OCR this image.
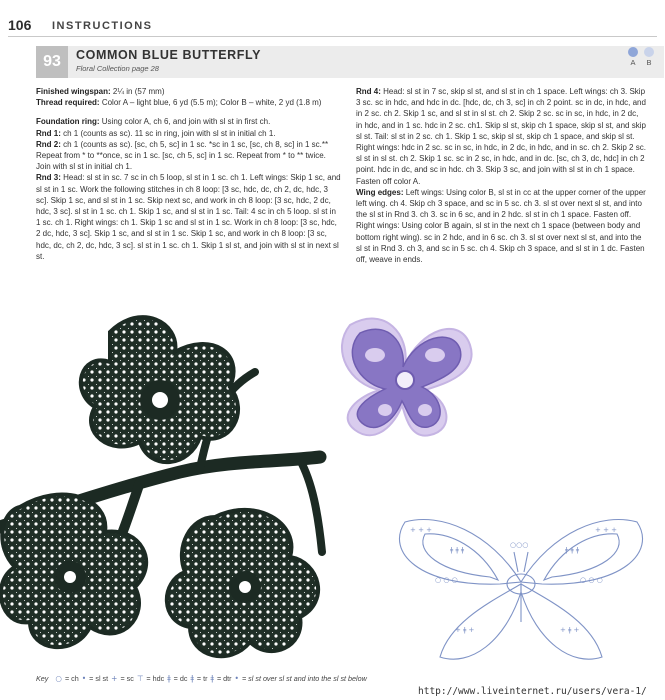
106	INSTRUCTIONS
93	COMMON BLUE BUTTERFLY
Floral Collection page 28
A	B

Finished wingspan: 2¼ in (57 mm)

Thread required: Color A – light blue, 6 yd (5.5 m); Color B – white, 2 yd (1.8 m)

Foundation ring: Using color A, ch 6, and join with sl st in first ch.

Rnd 1: ch 1 (counts as sc). 11 sc in ring, join with sl st in initial ch 1.

Rnd 2: ch 1 (counts as sc). [sc, ch 5, sc] in 1 sc. *sc in 1 sc, [sc, ch 8, sc] in 1 sc.** Repeat from * to **once, sc in 1 sc. [sc, ch 5, sc] in 1 sc. Repeat from * to ** twice. Join with sl st in initial ch 1.

Rnd 3: Head: sl st in sc. 7 sc in ch 5 loop, sl st in 1 sc. ch 1. Left wings: Skip 1 sc, and sl st in 1 sc. Work the following stitches in ch 8 loop: [3 sc, hdc, dc, ch 2, dc, hdc, 3 sc]. Skip 1 sc, and sl st in 1 sc. Skip next sc, and work in ch 8 loop: [3 sc, hdc, 2 dc, hdc, 3 sc]. sl st in 1 sc. ch 1. Skip 1 sc, and sl st in 1 sc. Tail: 4 sc in ch 5 loop. sl st in 1 sc. ch 1. Right wings: ch 1. Skip 1 sc and sl st in 1 sc. Work in ch 8 loop: [3 sc, hdc, 2 dc, hdc, 3 sc]. Skip 1 sc, and sl st in 1 sc. Skip 1 sc, and work in ch 8 loop: [3 sc, hdc, dc, ch 2, dc, hdc, 3 sc]. sl st in 1 sc. ch 1. Skip 1 sl st, and join with sl st in next sl st.

Rnd 4: Head: sl st in 7 sc, skip sl st, and sl st in ch 1 space. Left wings: ch 3. Skip 3 sc. sc in hdc, and hdc in dc. [hdc, dc, ch 3, sc] in ch 2 point. sc in dc, in hdc, and in 2 sc. ch 2. Skip 1 sc, and sl st in sl st. ch 2. Skip 2 sc. sc in sc, in hdc, in 2 dc, in hdc, and in 1 sc. hdc in 2 sc. ch1. Skip sl st, skip ch 1 space, skip sl st, and skip sl st. Tail: sl st in 2 sc. ch 1. Skip 1 sc, skip sl st, skip ch 1 space, and skip sl st. Right wings: hdc in 2 sc. sc in sc, in hdc, in 2 dc, in hdc, and in sc. ch 2. Skip 2 sc. sl st in sl st. ch 2. Skip 1 sc. sc in 2 sc, in hdc, and in dc. [sc, ch 3, dc, hdc] in ch 2 point. hdc in dc, and sc in hdc. ch 3. Skip 3 sc, and join with sl st in ch 1 space. Fasten off color A.

Wing edges: Left wings: Using color B, sl st in cc at the upper corner of the upper left wing. ch 4. Skip ch 3 space, and sc in 5 sc. ch 3. sl st over next sl st, and into the sl st in Rnd 3. ch 3. sc in 6 sc, and in 2 hdc. sl st in ch 1 space. Fasten off. Right wings: Using color B again, sl st in the next ch 1 space (between body and bottom right wing). sc in 2 hdc, and in 6 sc. ch 3. sl st over next sl st, and into the sl st in Rnd 3. ch 3, and sc in 5 sc. ch 4. Skip ch 3 space, and sl st in 1 dc. Fasten off, weave in ends.

+ + +	+ + +
ǂ ǂ ǂ	ǂ ǂ ǂ
+ ǂ +	+ ǂ +
○○○
○ ○ ○	○ ○ ○
Key ○ = ch • = sl st + = sc ⊤ = hdc ǂ = dc ǂ = tr ǂ = dtr • = sl st over sl st and into the sl st below
http://www.liveinternet.ru/users/vera-1/
